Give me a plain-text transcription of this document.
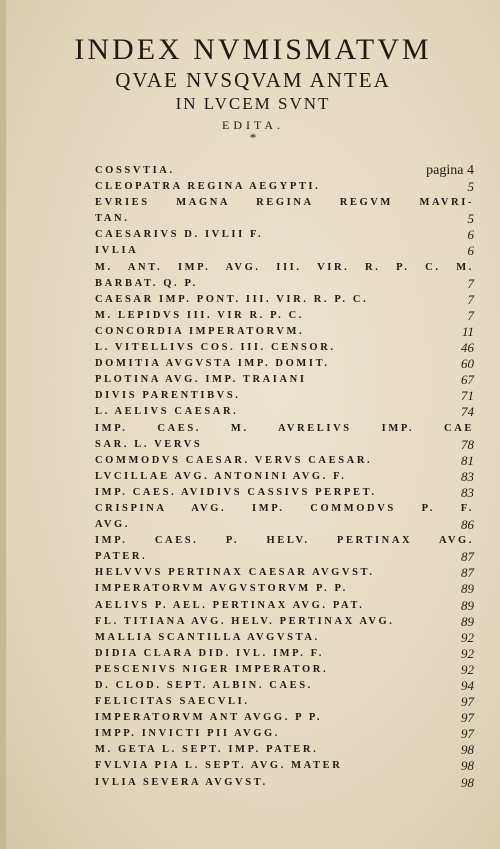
INDEX NVMISMATVM
QVAE NVSQVAM ANTEA
IN LVCEM SVNT
EDITA.
*
COSSVTIA.	pagina 4
CLEOPATRA REGINA AEGYPTI.	5
EVRIES MAGNA REGINA REGVM MAVRI-
TAN.	5
CAESARIVS D. IVLII F.	6
IVLIA	6
M. ANT. IMP. AVG. III. VIR. R. P. C. M.
BARBAT. Q. P.	7
CAESAR IMP. PONT. III. VIR. R. P. C.	7
M. LEPIDVS III. VIR R. P. C.	7
CONCORDIA IMPERATORVM.	11
L. VITELLIVS COS. III. CENSOR.	46
DOMITIA AVGVSTA IMP. DOMIT.	60
PLOTINA AVG. IMP. TRAIANI	67
DIVIS PARENTIBVS.	71
L. AELIVS CAESAR.	74
IMP. CAES. M. AVRELIVS IMP. CAE
SAR. L. VERVS	78
COMMODVS CAESAR. VERVS CAESAR.	81
LVCILLAE AVG. ANTONINI AVG. F.	83
IMP. CAES. AVIDIVS CASSIVS PERPET.	83
CRISPINA AVG. IMP. COMMODVS P. F.
AVG.	86
IMP. CAES. P. HELV. PERTINAX AVG.
PATER.	87
HELVVVS PERTINAX CAESAR AVGVST.	87
IMPERATORVM AVGVSTORVM P. P.	89
AELIVS P. AEL. PERTINAX AVG. PAT.	89
FL. TITIANA AVG. HELV. PERTINAX AVG.	89
MALLIA SCANTILLA AVGVSTA.	92
DIDIA CLARA DID. IVL. IMP. F.	92
PESCENIVS NIGER IMPERATOR.	92
D. CLOD. SEPT. ALBIN. CAES.	94
FELICITAS SAECVLI.	97
IMPERATORVM ANT AVGG. P P.	97
IMPP. INVICTI PII AVGG.	97
M. GETA L. SEPT. IMP. PATER.	98
FVLVIA PIA L. SEPT. AVG. MATER	98
IVLIA SEVERA AVGVST.	98
